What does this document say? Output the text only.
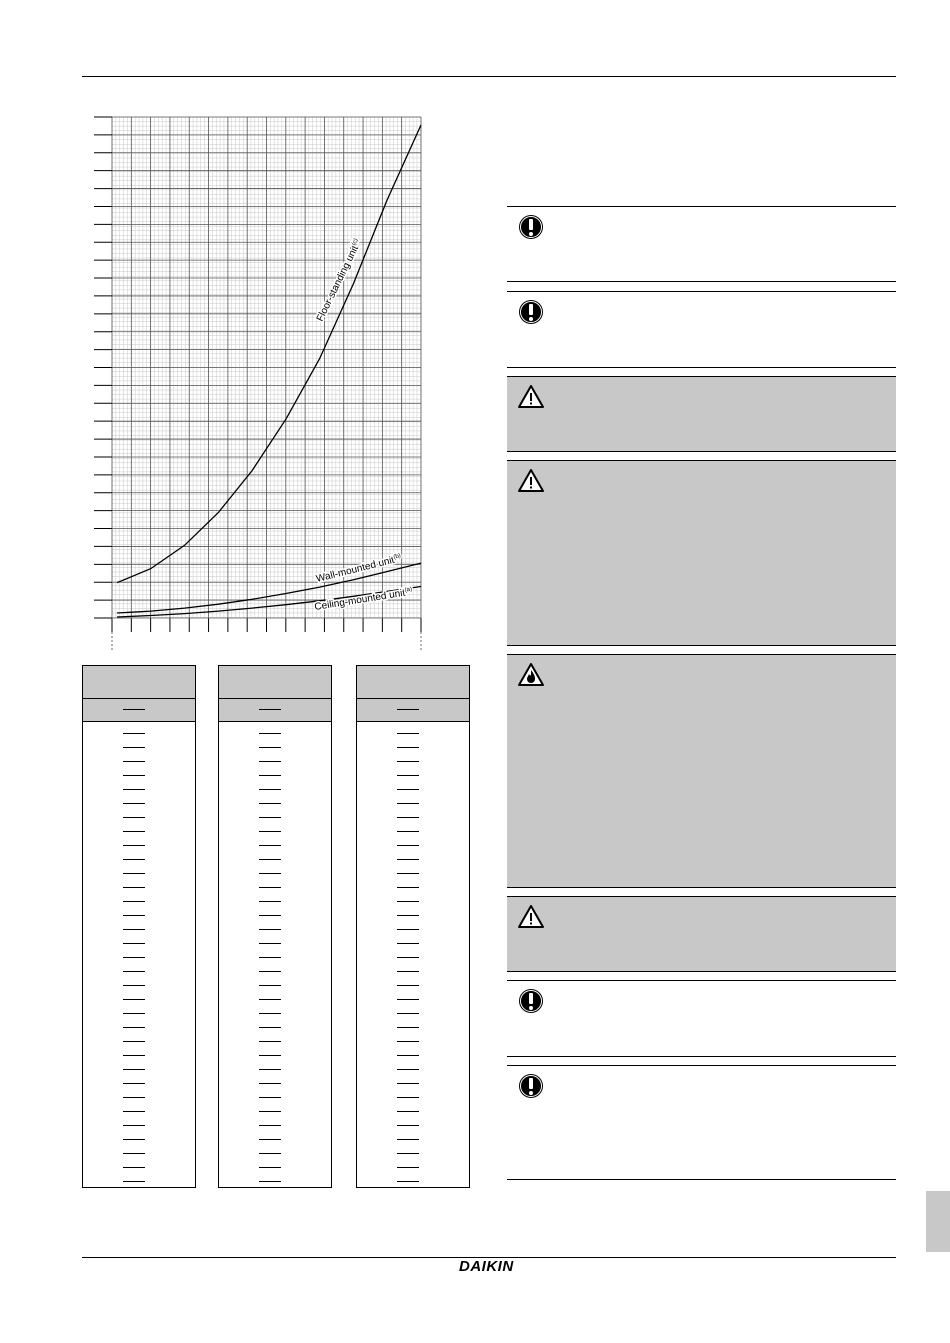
Floor-standing unit$^{(c)}$
Wall-mounted unit$^{(b)}$
Ceiling-mounted unit$^{(a)}$
DAIKIN
